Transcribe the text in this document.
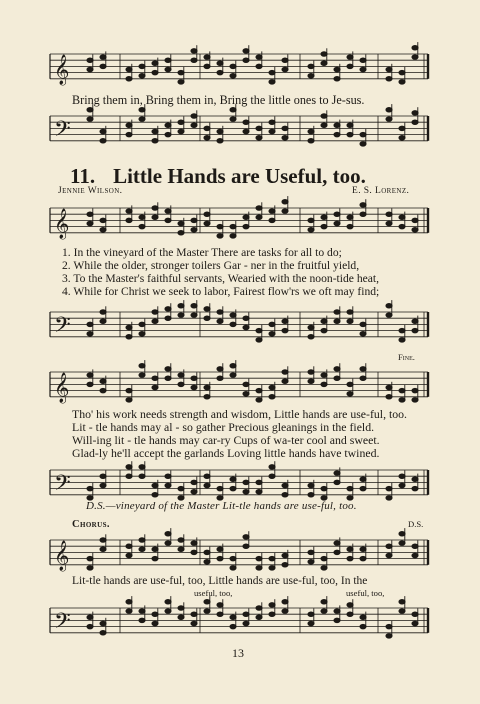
𝄞
Bring them in, Bring them in, Bring the little ones to Je-sus.
𝄢
11. Little Hands are Useful, too.
Jennie Wilson.	E. S. Lorenz.
𝄞
1. In the vineyard of the Master There are tasks for all to do;
2. While the older, stronger toilers Gar - ner in the fruitful yield,
3. To the Master's faithful servants, Wearied with the noon-tide heat,
4. While for Christ we seek to labor, Fairest flow'rs we oft may find;
𝄢
Fine.
𝄞
Tho' his work needs strength and wisdom, Little hands are use-ful, too.
Lit - tle hands may al - so gather Precious gleanings in the field.
Will-ing lit - tle hands may car-ry Cups of wa-ter cool and sweet.
Glad-ly he'll accept the garlands Loving little hands have twined.
𝄢
D.S.—vineyard of the Master Lit-tle hands are use-ful, too.
Chorus.	D.S.
𝄞
Lit-tle hands are use-ful, too, Little hands are use-ful, too, In the
useful, too,	useful, too,
𝄢
13
